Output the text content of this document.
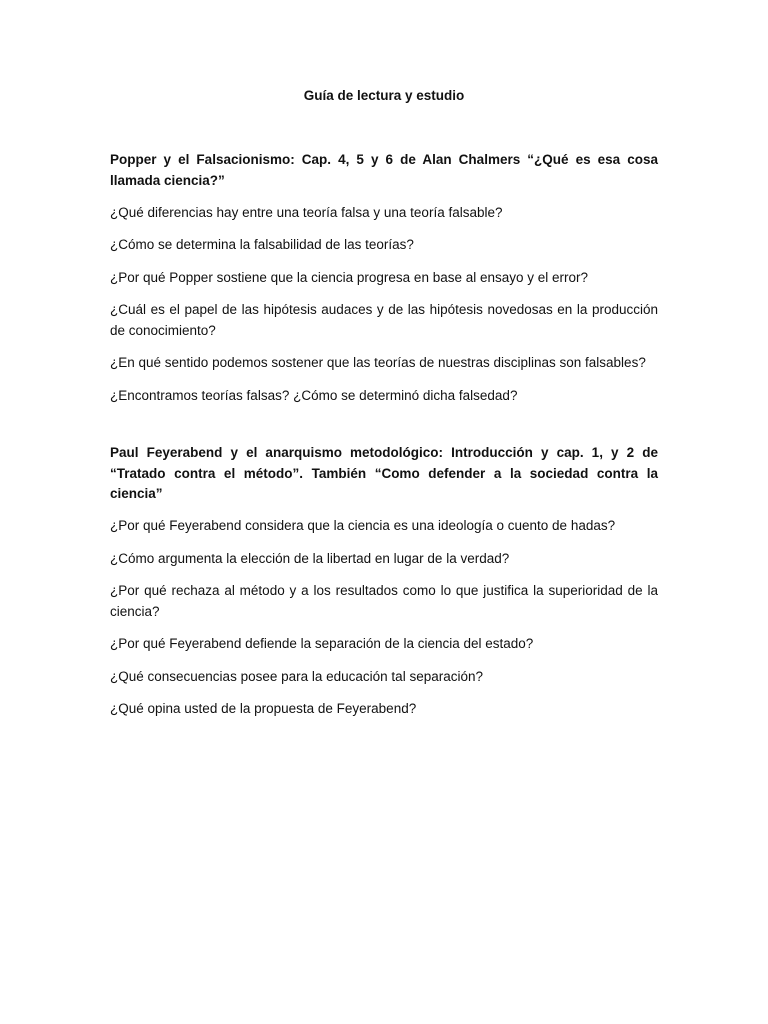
Guía de lectura y estudio

Popper y el Falsacionismo: Cap. 4, 5 y 6 de Alan Chalmers “¿Qué es esa cosa llamada ciencia?”

¿Qué diferencias hay entre una teoría falsa y una teoría falsable?

¿Cómo se determina la falsabilidad de las teorías?

¿Por qué Popper sostiene que la ciencia progresa en base al ensayo y el error?

¿Cuál es el papel de las hipótesis audaces y de las hipótesis novedosas en la producción de conocimiento?

¿En qué sentido podemos sostener que las teorías de nuestras disciplinas son falsables?

¿Encontramos teorías falsas? ¿Cómo se determinó dicha falsedad?

Paul Feyerabend y el anarquismo metodológico: Introducción y cap. 1, y 2 de “Tratado contra el método”. También “Como defender a la sociedad contra la ciencia”

¿Por qué Feyerabend considera que la ciencia es una ideología o cuento de hadas?

¿Cómo argumenta la elección de la libertad en lugar de la verdad?

¿Por qué rechaza al método y a los resultados como lo que justifica la superioridad de la ciencia?

¿Por qué Feyerabend defiende la separación de la ciencia del estado?

¿Qué consecuencias posee para la educación tal separación?

¿Qué opina usted de la propuesta de Feyerabend?
